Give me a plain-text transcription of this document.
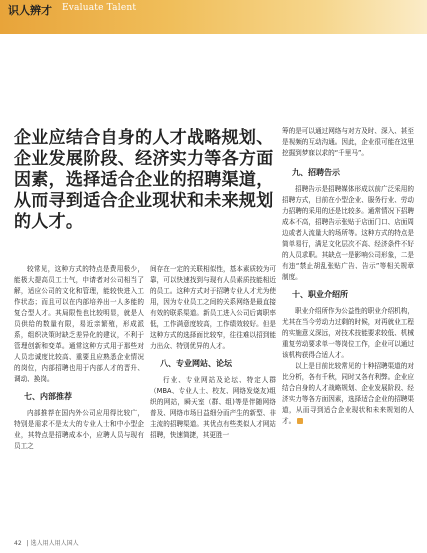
识人辨才 Evaluate Talent
企业应结合自身的人才战略规划、企业发展阶段、经济实力等各方面因素，选择适合企业的招聘渠道，从而寻到适合企业现状和未来规划的人才。

较常见，这种方式的特点是费用极少，能极大提高员工士气，申请者对公司相当了解，适应公司的文化和管理，能较快进入工作状态；而且可以在内部培养出一人多能的复合型人才。其局限性也比较明显，就是人员供给的数量有限，易近亲繁殖，形成派系，组织决策时缺乏差异化的建议，不利于管理创新和变革。通常这种方式用于那些对人员忠诚度比较高、重要且应熟悉企业情况的岗位，内部招聘也用于内部人才的晋升、调动、换岗。

七、内部推荐

内部推荐在国内外公司应用得比较广，特别是需求不是太大的专业人士和中小型企业，其特点是招聘成本小，应聘人员与现有员工之

间存在一定的关联相似性，基本素质较为可靠，可以快速找到与现有人员素质技能相近的员工。这种方式对于招聘专业人才尤为使用，因为专业员工之间的关系网络是最直接有效的联系渠道。新员工进入公司后离职率低，工作满意度较高，工作绩效较好。但是这种方式的选择面比较窄，往往难以招到能力出众、特别优异的人才。

八、专业网站、论坛

行业、专业网站及论坛、特定人群（MBA、专业人士、校友、网络发烧友)组织的网站，瞬天室（群、组)等是伴随网络普及、网络市场日益细分而产生的新型、非主流的招聘渠道。其优点有些类似人才网站招聘，快速简捷，其更胜一

筹的是可以通过网络与对方及时、深入、甚至是视频的互动沟通。因此，企业很可能在这里挖掘到梦寐以求的“千里马”。

九、招聘告示

招聘告示是招聘媒体形成以前广泛采用的招聘方式，目前在小型企业、服务行业、劳动力招聘的采用的还是比较多。通常情况下招聘成本不高，招聘告示张贴于店面门口、店面周边或者人流量大的场所等。这种方式的特点是简单易行，满足文化层次不高、经济条件不好的人员求职。其缺点一是影响公司形象，二是有违“禁止胡乱张贴广告、告示”等相关规章制度。

十、职业介绍所

职业介绍所作为公益性的职业介绍机构，尤其在当今劳动力过剩的时候，对再就业工程的实施意义深远，对技术技能要求较低、机械重复劳动要求单一等岗位工作，企业可以通过该机构获得合适人才。

以上是目前比较常见的十种招聘渠道的对比分析，各有千秋，同时又各有利弊。企业应结合自身的人才战略规划、企业发展阶段、经济实力等各方面因素，选择适合企业的招聘渠道，从而寻到适合企业现状和未来规划的人才。

42 | 选人用人用人国人
